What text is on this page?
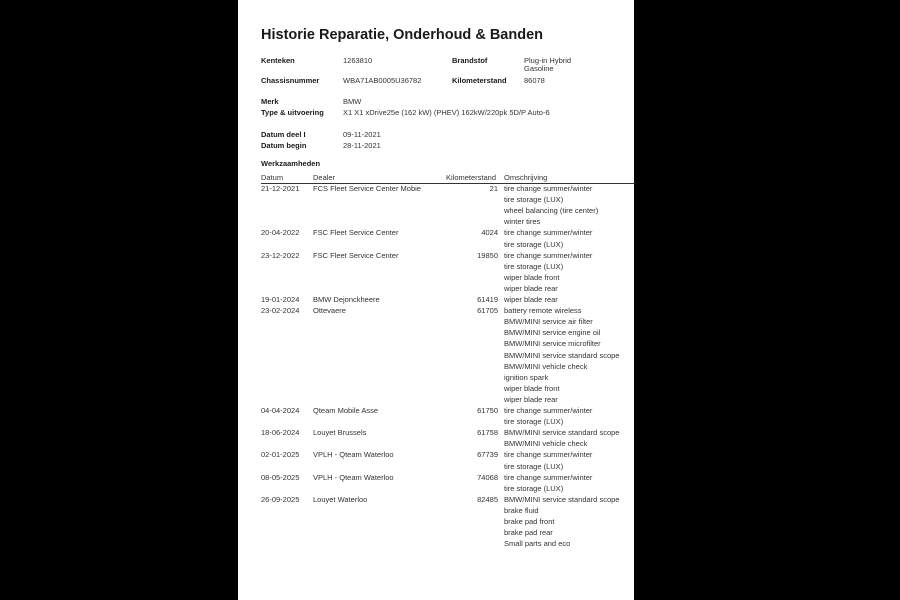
Historie Reparatie, Onderhoud & Banden
Kenteken	1263810	Brandstof	Plug-in Hybrid
Gasoline
Chassisnummer	WBA71AB0005U36782	Kilometerstand 86078
Merk	BMW
Type & uitvoering	X1 X1 xDrive25e (162 kW) (PHEV) 162kW/220pk 5D/P Auto-6
Datum deel I	09-11-2021
Datum begin	28-11-2021
Werkzaamheden
Datum	Dealer	Kilometerstand Omschrijving
21-12-2021 FCS Fleet Service Center Mobie	21 tire change summer/winter
tire storage (LUX)
wheel balancing (tire center)
winter tires
20-04-2022 FSC Fleet Service Center	4024 tire change summer/winter
tire storage (LUX)
23-12-2022 FSC Fleet Service Center	19850 tire change summer/winter
tire storage (LUX)
wiper blade front
wiper blade rear
19-01-2024 BMW Dejonckheere	61419 wiper blade rear
23-02-2024 Ottevaere	61705 battery remote wireless
BMW/MINI service air filter
BMW/MINI service engine oil
BMW/MINI service microfilter
BMW/MINI service standard scope
BMW/MINI vehicle check
ignition spark
wiper blade front
wiper blade rear
04-04-2024 Qteam Mobile Asse	61750 tire change summer/winter
tire storage (LUX)
18-06-2024 Louyet Brussels	61758 BMW/MINI service standard scope
BMW/MINI vehicle check
02-01-2025 VPLH - Qteam Waterloo	67739 tire change summer/winter
tire storage (LUX)
08-05-2025 VPLH - Qteam Waterloo	74068 tire change summer/winter
tire storage (LUX)
26-09-2025 Louyet Waterloo	82485 BMW/MINI service standard scope
brake fluid
brake pad front
brake pad rear
Small parts and eco
